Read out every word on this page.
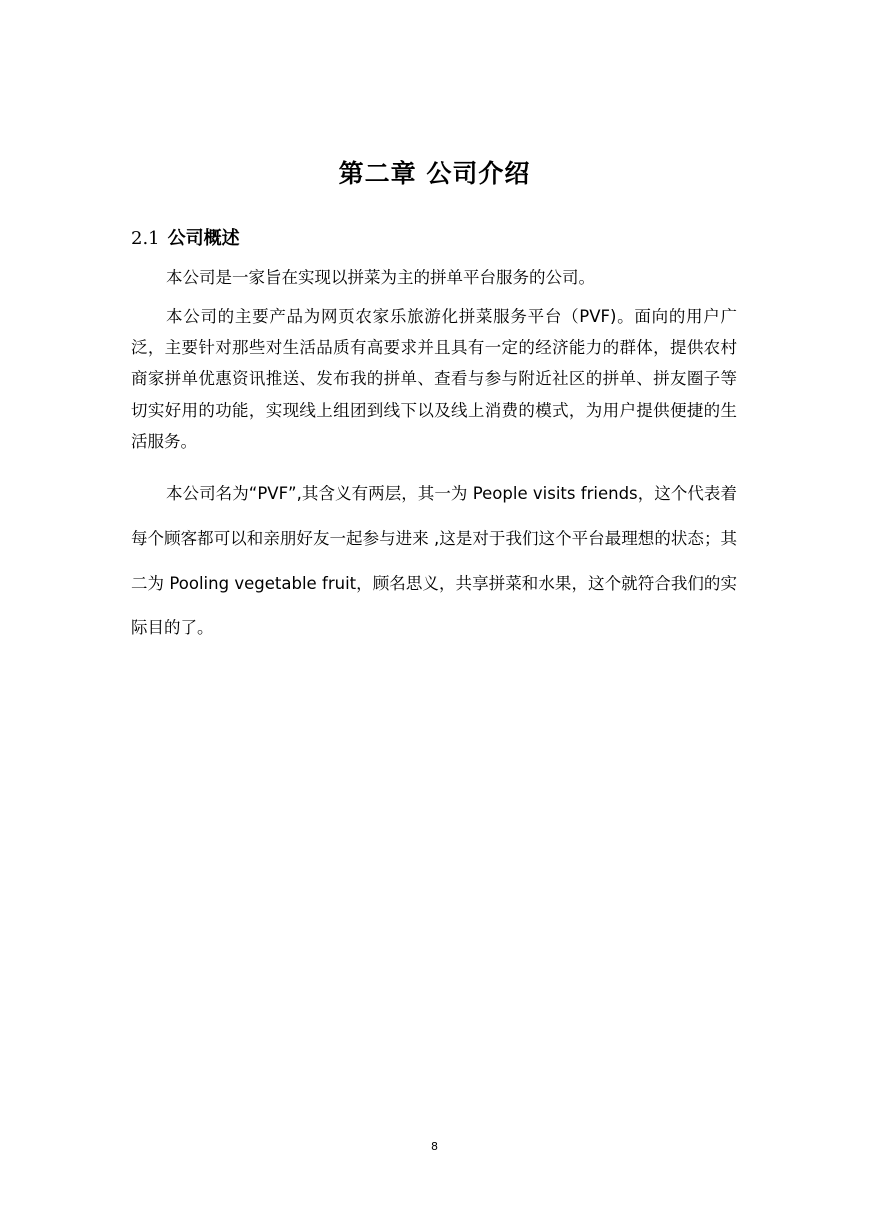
第二章 公司介绍
2.1 公司概述

本公司是一家旨在实现以拼菜为主的拼单平台服务的公司。

本公司的主要产品为网页农家乐旅游化拼菜服务平台（PVF)。面向的用户广泛，主要针对那些对生活品质有高要求并且具有一定的经济能力的群体，提供农村商家拼单优惠资讯推送、发布我的拼单、查看与参与附近社区的拼单、拼友圈子等切实好用的功能，实现线上组团到线下以及线上消费的模式，为用户提供便捷的生活服务。

本公司名为“PVF”,其含义有两层，其一为 People visits friends，这个代表着每个顾客都可以和亲朋好友一起参与进来 ,这是对于我们这个平台最理想的状态；其二为 Pooling vegetable fruit，顾名思义，共享拼菜和水果，这个就符合我们的实际目的了。

8
